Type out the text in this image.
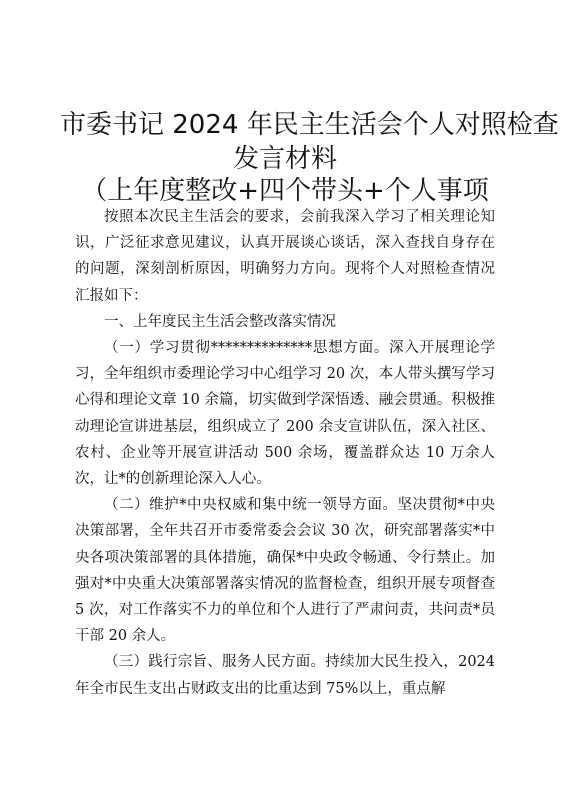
市委书记 2024 年民主生活会个人对照检查
发言材料
（上年度整改+四个带头+个人事项

按照本次民主生活会的要求，会前我深入学习了相关理论知识，广泛征求意见建议，认真开展谈心谈话，深入查找自身存在的问题，深刻剖析原因，明确努力方向。现将个人对照检查情况汇报如下：

一、上年度民主生活会整改落实情况

（一）学习贯彻**************思想方面。深入开展理论学习，全年组织市委理论学习中心组学习 20 次，本人带头撰写学习心得和理论文章 10 余篇，切实做到学深悟透、融会贯通。积极推动理论宣讲进基层，组织成立了 200 余支宣讲队伍，深入社区、农村、企业等开展宣讲活动 500 余场，覆盖群众达 10 万余人次，让*的创新理论深入人心。

（二）维护*中央权威和集中统一领导方面。坚决贯彻*中央决策部署，全年共召开市委常委会会议 30 次，研究部署落实*中央各项决策部署的具体措施，确保*中央政令畅通、令行禁止。加强对*中央重大决策部署落实情况的监督检查，组织开展专项督查 5 次，对工作落实不力的单位和个人进行了严肃问责，共问责*员干部 20 余人。

（三）践行宗旨、服务人民方面。持续加大民生投入，2024 年全市民生支出占财政支出的比重达到 75%以上，重点解
